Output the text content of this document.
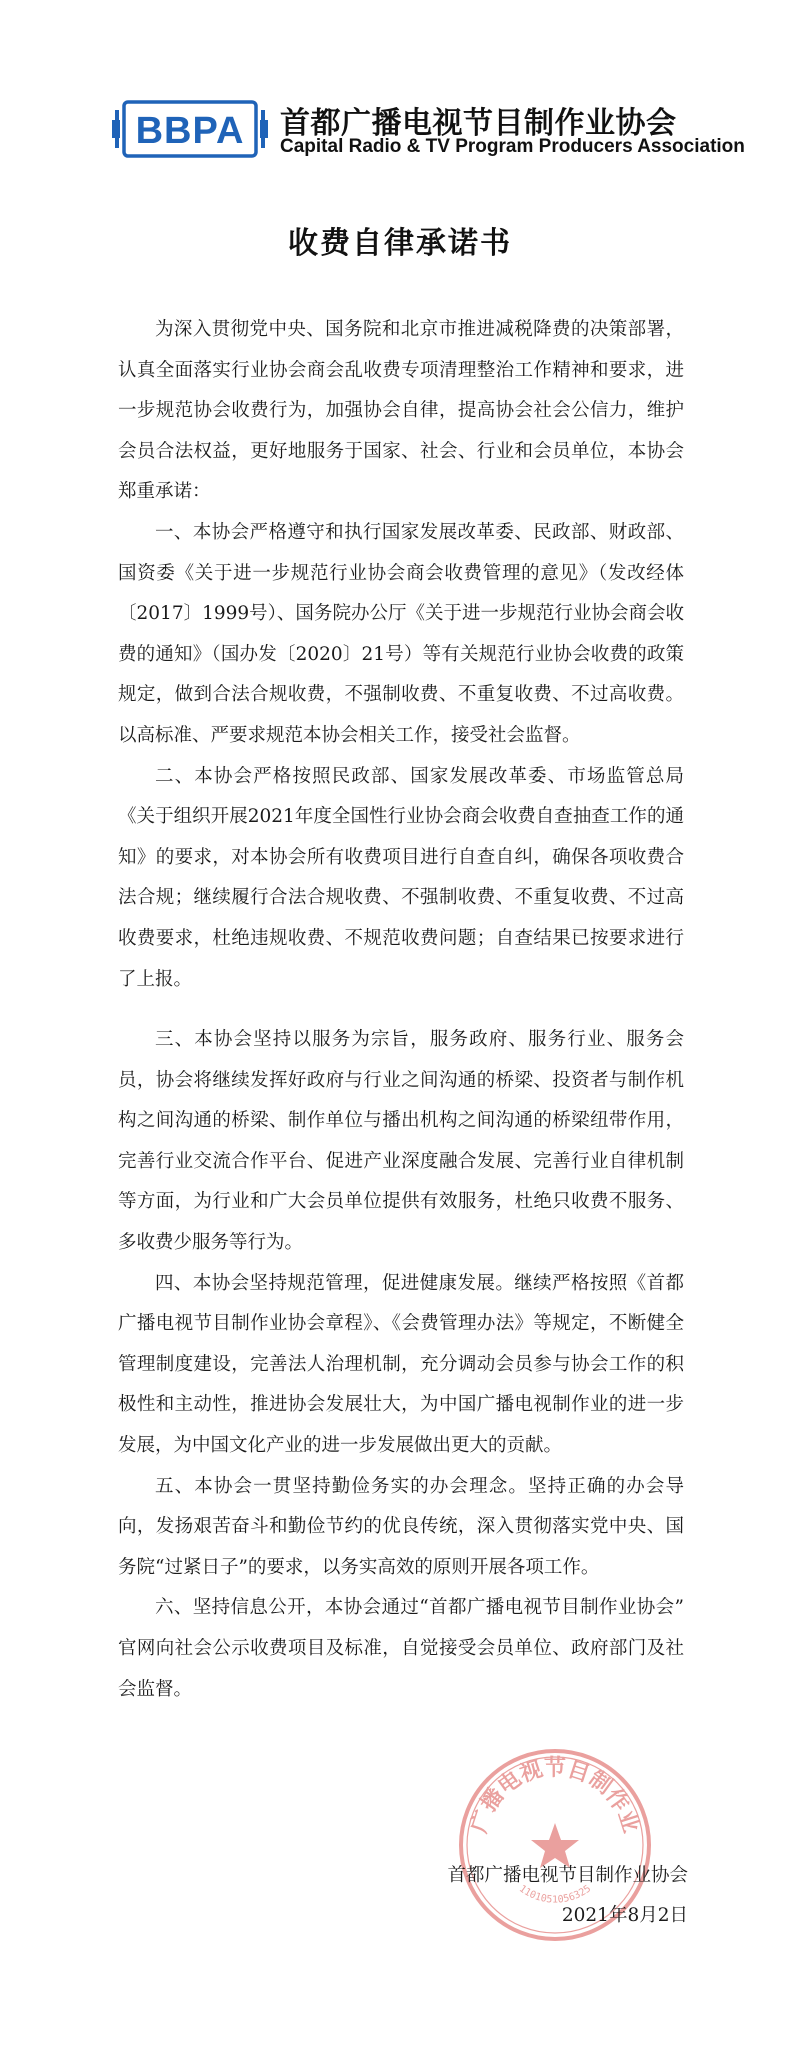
BBPA 首都广播电视节目制作业协会
Capital Radio & TV Program Producers Association
收费自律承诺书

为深入贯彻党中央、国务院和北京市推进减税降费的决策部署，认真全面落实行业协会商会乱收费专项清理整治工作精神和要求，进一步规范协会收费行为，加强协会自律，提高协会社会公信力，维护会员合法权益，更好地服务于国家、社会、行业和会员单位，本协会郑重承诺：

一、本协会严格遵守和执行国家发展改革委、民政部、财政部、国资委《关于进一步规范行业协会商会收费管理的意见》（发改经体〔2017〕1999号）、国务院办公厅《关于进一步规范行业协会商会收费的通知》（国办发〔2020〕21号）等有关规范行业协会收费的政策规定，做到合法合规收费，不强制收费、不重复收费、不过高收费。以高标准、严要求规范本协会相关工作，接受社会监督。

二、本协会严格按照民政部、国家发展改革委、市场监管总局《关于组织开展2021年度全国性行业协会商会收费自查抽查工作的通知》的要求，对本协会所有收费项目进行自查自纠，确保各项收费合法合规；继续履行合法合规收费、不强制收费、不重复收费、不过高收费要求，杜绝违规收费、不规范收费问题；自查结果已按要求进行了上报。

三、本协会坚持以服务为宗旨，服务政府、服务行业、服务会员，协会将继续发挥好政府与行业之间沟通的桥梁、投资者与制作机构之间沟通的桥梁、制作单位与播出机构之间沟通的桥梁纽带作用，完善行业交流合作平台、促进产业深度融合发展、完善行业自律机制等方面，为行业和广大会员单位提供有效服务，杜绝只收费不服务、多收费少服务等行为。

四、本协会坚持规范管理，促进健康发展。继续严格按照《首都广播电视节目制作业协会章程》、《会费管理办法》等规定，不断健全管理制度建设，完善法人治理机制，充分调动会员参与协会工作的积极性和主动性，推进协会发展壮大，为中国广播电视制作业的进一步发展，为中国文化产业的进一步发展做出更大的贡献。

五、本协会一贯坚持勤俭务实的办会理念。坚持正确的办会导向，发扬艰苦奋斗和勤俭节约的优良传统，深入贯彻落实党中央、国务院“过紧日子”的要求，以务实高效的原则开展各项工作。

六、坚持信息公开，本协会通过“首都广播电视节目制作业协会” 官网向社会公示收费项目及标准，自觉接受会员单位、政府部门及社会监督。

广播电视节目制作业
1101051056325
首都广播电视节目制作业协会
2021年8月2日
